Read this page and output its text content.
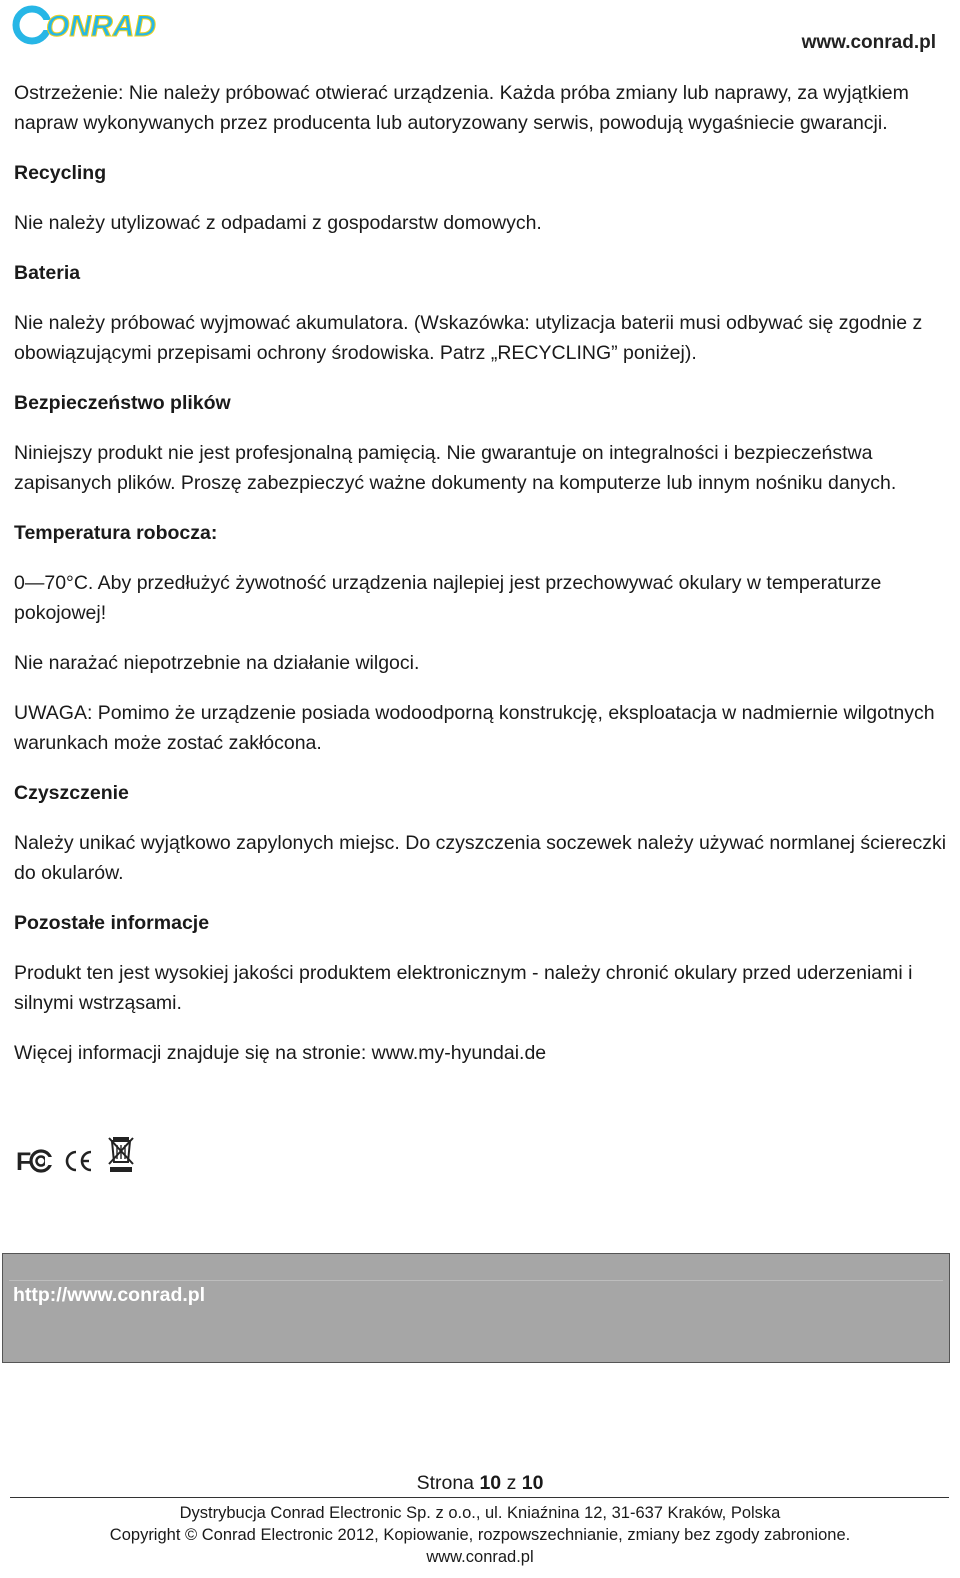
ONRAD	www.conrad.pl

Ostrzeżenie: Nie należy próbować otwierać urządzenia. Każda próba zmiany lub naprawy, za wyjątkiem napraw wykonywanych przez producenta lub autoryzowany serwis, powodują wygaśniecie gwarancji.

Recycling

Nie należy utylizować z odpadami z gospodarstw domowych.

Bateria

Nie należy próbować wyjmować akumulatora. (Wskazówka: utylizacja baterii musi odbywać się zgodnie z obowiązującymi przepisami ochrony środowiska. Patrz „RECYCLING” poniżej).

Bezpieczeństwo plików

Niniejszy produkt nie jest profesjonalną pamięcią. Nie gwarantuje on integralności i bezpieczeństwa zapisanych plików. Proszę zabezpieczyć ważne dokumenty na komputerze lub innym nośniku danych.

Temperatura robocza:

0—70°C. Aby przedłużyć żywotność urządzenia najlepiej jest przechowywać okulary w temperaturze pokojowej!

Nie narażać niepotrzebnie na działanie wilgoci.

UWAGA: Pomimo że urządzenie posiada wodoodporną konstrukcję, eksploatacja w nadmiernie wilgotnych warunkach może zostać zakłócona.

Czyszczenie

Należy unikać wyjątkowo zapylonych miejsc. Do czyszczenia soczewek należy używać normlanej ściereczki do okularów.

Pozostałe informacje

Produkt ten jest wysokiej jakości produktem elektronicznym - należy chronić okulary przed uderzeniami i silnymi wstrząsami.

Więcej informacji znajduje się na stronie: www.my-hyundai.de

F
http://www.conrad.pl
Strona 10 z 10
Dystrybucja Conrad Electronic Sp. z o.o., ul. Kniaźnina 12, 31-637 Kraków, Polska
Copyright © Conrad Electronic 2012, Kopiowanie, rozpowszechnianie, zmiany bez zgody zabronione.
www.conrad.pl
